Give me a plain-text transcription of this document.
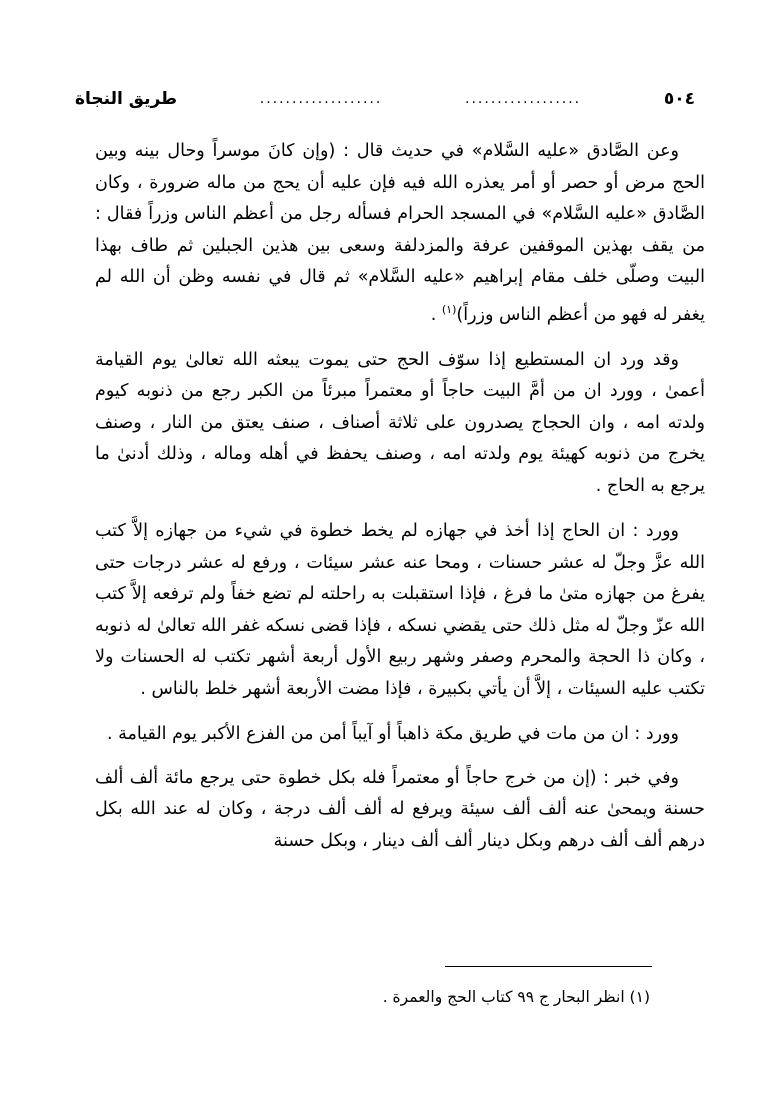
طريق النجاة	...................	..................	٥٠٤

وعن الصَّادق «عليه السَّلام» في حديث قال : (وإن كانَ موسراً وحال بينه وبين الحج مرض أو حصر أو أمر يعذره الله فيه فإن عليه أن يحج من ماله ضرورة ، وكان الصَّادق «عليه السَّلام» في المسجد الحرام فسأله رجل من أعظم الناس وزراً فقال : من يقف بهذين الموقفين عرفة والمزدلفة وسعى بين هذين الجبلين ثم طاف بهذا البيت وصلّى خلف مقام إبراهيم «عليه السَّلام» ثم قال في نفسه وظن أن الله لم يغفر له فهو من أعظم الناس وزراً)$^{(١)}$ .

وقد ورد ان المستطيع إذا سوّف الحج حتى يموت يبعثه الله تعالىٰ يوم القيامة أعمىٰ ، وورد ان من أمَّ البيت حاجاً أو معتمراً مبرئاً من الكبر رجع من ذنوبه كيوم ولدته امه ، وان الحجاج يصدرون على ثلاثة أصناف ، صنف يعتق من النار ، وصنف يخرج من ذنوبه كهيئة يوم ولدته امه ، وصنف يحفظ في أهله وماله ، وذلك أدنىٰ ما يرجع به الحاج .

وورد : ان الحاج إذا أخذ في جهازه لم يخط خطوة في شيء من جهازه إلاَّ كتب الله عزَّ وجلّ له عشر حسنات ، ومحا عنه عشر سيئات ، ورفع له عشر درجات حتى يفرغ من جهازه متىٰ ما فرغ ، فإذا استقبلت به راحلته لم تضع خفاً ولم ترفعه إلاَّ كتب الله عزّ وجلّ له مثل ذلك حتى يقضي نسكه ، فإذا قضى نسكه غفر الله تعالىٰ له ذنوبه ، وكان ذا الحجة والمحرم وصفر وشهر ربيع الأول أربعة أشهر تكتب له الحسنات ولا تكتب عليه السيئات ، إلاَّ أن يأتي بكبيرة ، فإذا مضت الأربعة أشهر خلط بالناس .

وورد : ان من مات في طريق مكة ذاهباً أو آيباً أمن من الفزع الأكبر يوم القيامة .

وفي خبر : (إن من خرج حاجاً أو معتمراً فله بكل خطوة حتى يرجع مائة ألف ألف حسنة ويمحىٰ عنه ألف ألف سيئة ويرفع له ألف ألف درجة ، وكان له عند الله بكل درهم ألف ألف درهم وبكل دينار ألف ألف دينار ، وبكل حسنة

(١) انظر البحار ج ٩٩ كتاب الحج والعمرة .
